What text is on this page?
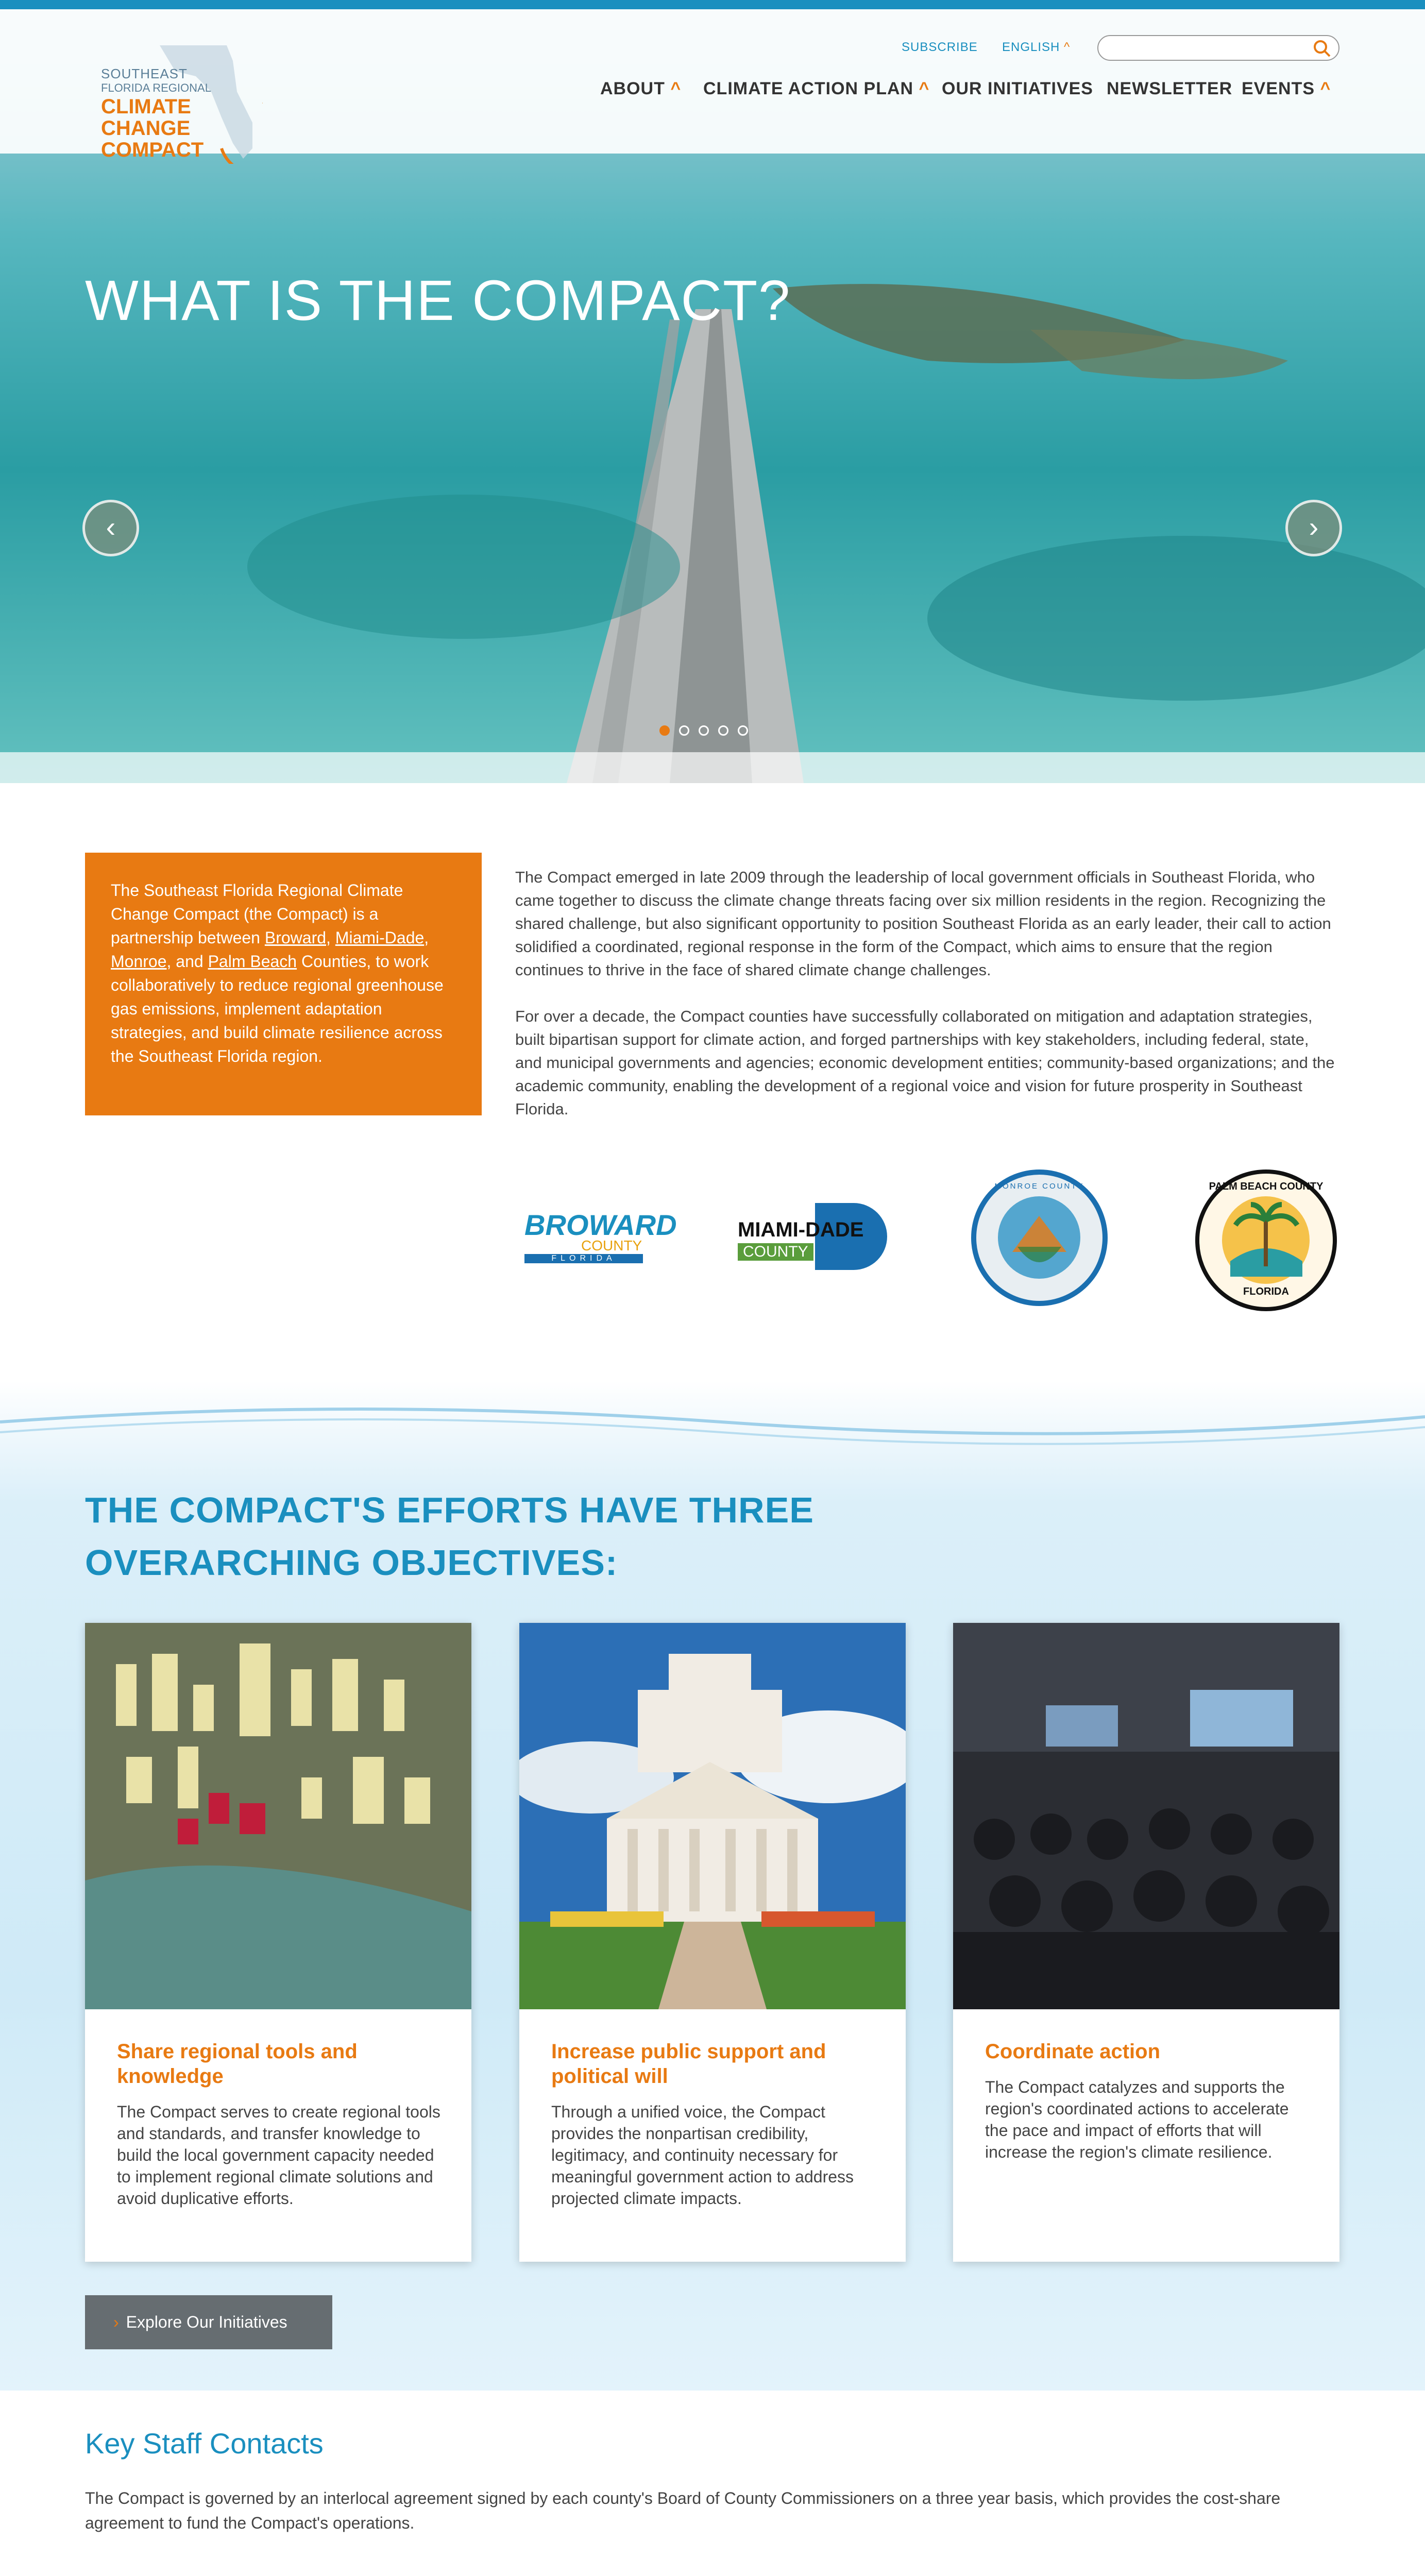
WHAT IS THE COMPACT?
‹	›
SOUTHEAST
FLORIDA REGIONAL
CLIMATE
CHANGE
COMPACT
SUBSCRIBE ENGLISH ^
ABOUT ^ CLIMATE ACTION PLAN ^ OUR INITIATIVES NEWSLETTER EVENTS ^
The Southeast Florida Regional Climate Change Compact (the Compact) is a partnership between Broward, Miami-Dade, Monroe, and Palm Beach Counties, to work collaboratively to reduce regional greenhouse gas emissions, implement adaptation strategies, and build climate resilience across the Southeast Florida region.

The Compact emerged in late 2009 through the leadership of local government officials in Southeast Florida, who came together to discuss the climate change threats facing over six million residents in the region. Recognizing the shared challenge, but also significant opportunity to position Southeast Florida as an early leader, their call to action solidified a coordinated, regional response in the form of the Compact, which aims to ensure that the region continues to thrive in the face of shared climate change challenges.

For over a decade, the Compact counties have successfully collaborated on mitigation and adaptation strategies, built bipartisan support for climate action, and forged partnerships with key stakeholders, including federal, state, and municipal governments and agencies; economic development entities; community-based organizations; and the academic community, enabling the development of a regional voice and vision for future prosperity in Southeast Florida.

BROWARD
COUNTY
FLORIDA
MIAMI-DADE
COUNTY
MONROE COUNTY	PALM BEACH COUNTY
FLORIDA
THE COMPACT'S EFFORTS HAVE THREE
OVERARCHING OBJECTIVES:
Share regional tools and knowledge

The Compact serves to create regional tools and standards, and transfer knowledge to build the local government capacity needed to implement regional climate solutions and avoid duplicative efforts.

Increase public support and political will

Through a unified voice, the Compact provides the nonpartisan credibility, legitimacy, and continuity necessary for meaningful government action to address projected climate impacts.

Coordinate action

The Compact catalyzes and supports the region's coordinated actions to accelerate the pace and impact of efforts that will increase the region's climate resilience.

› Explore Our Initiatives
Key Staff Contacts
The Compact is governed by an interlocal agreement signed by each county's Board of County Commissioners on a three year basis, which provides the cost-share agreement to fund the Compact's operations.
